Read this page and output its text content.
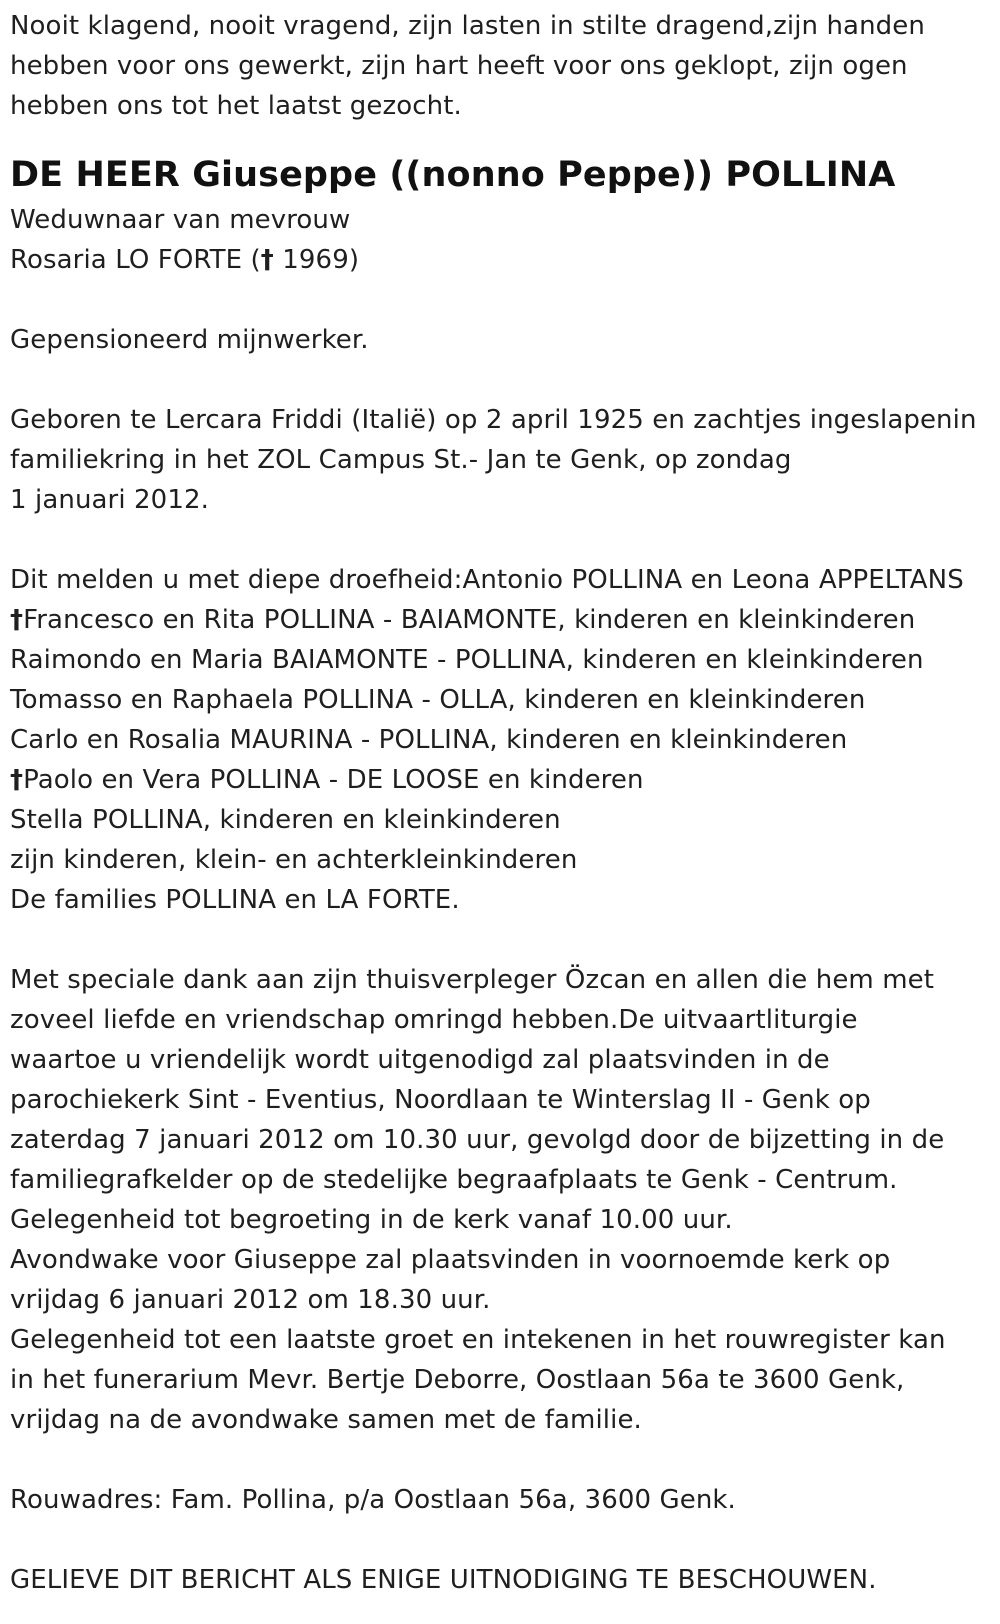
Nooit klagend, nooit vragend, zijn lasten in stilte dragend,zijn handen
hebben voor ons gewerkt, zijn hart heeft voor ons geklopt, zijn ogen
hebben ons tot het laatst gezocht.
DE HEER Giuseppe ((nonno Peppe)) POLLINA
Weduwnaar van mevrouw
Rosaria LO FORTE († 1969)
Gepensioneerd mijnwerker.
Geboren te Lercara Friddi (Italië) op 2 april 1925 en zachtjes ingeslapenin
familiekring in het ZOL Campus St.- Jan te Genk, op zondag
1 januari 2012.
Dit melden u met diepe droefheid:Antonio POLLINA en Leona APPELTANS
†Francesco en Rita POLLINA - BAIAMONTE, kinderen en kleinkinderen
Raimondo en Maria BAIAMONTE - POLLINA, kinderen en kleinkinderen
Tomasso en Raphaela POLLINA - OLLA, kinderen en kleinkinderen
Carlo en Rosalia MAURINA - POLLINA, kinderen en kleinkinderen
†Paolo en Vera POLLINA - DE LOOSE en kinderen
Stella POLLINA, kinderen en kleinkinderen
zijn kinderen, klein- en achterkleinkinderen
De families POLLINA en LA FORTE.
Met speciale dank aan zijn thuisverpleger Özcan en allen die hem met
zoveel liefde en vriendschap omringd hebben.De uitvaartliturgie
waartoe u vriendelijk wordt uitgenodigd zal plaatsvinden in de
parochiekerk Sint - Eventius, Noordlaan te Winterslag II - Genk op
zaterdag 7 januari 2012 om 10.30 uur, gevolgd door de bijzetting in de
familiegrafkelder op de stedelijke begraafplaats te Genk - Centrum.
Gelegenheid tot begroeting in de kerk vanaf 10.00 uur.
Avondwake voor Giuseppe zal plaatsvinden in voornoemde kerk op
vrijdag 6 januari 2012 om 18.30 uur.
Gelegenheid tot een laatste groet en intekenen in het rouwregister kan
in het funerarium Mevr. Bertje Deborre, Oostlaan 56a te 3600 Genk,
vrijdag na de avondwake samen met de familie.
Rouwadres: Fam. Pollina, p/a Oostlaan 56a, 3600 Genk.
GELIEVE DIT BERICHT ALS ENIGE UITNODIGING TE BESCHOUWEN.
